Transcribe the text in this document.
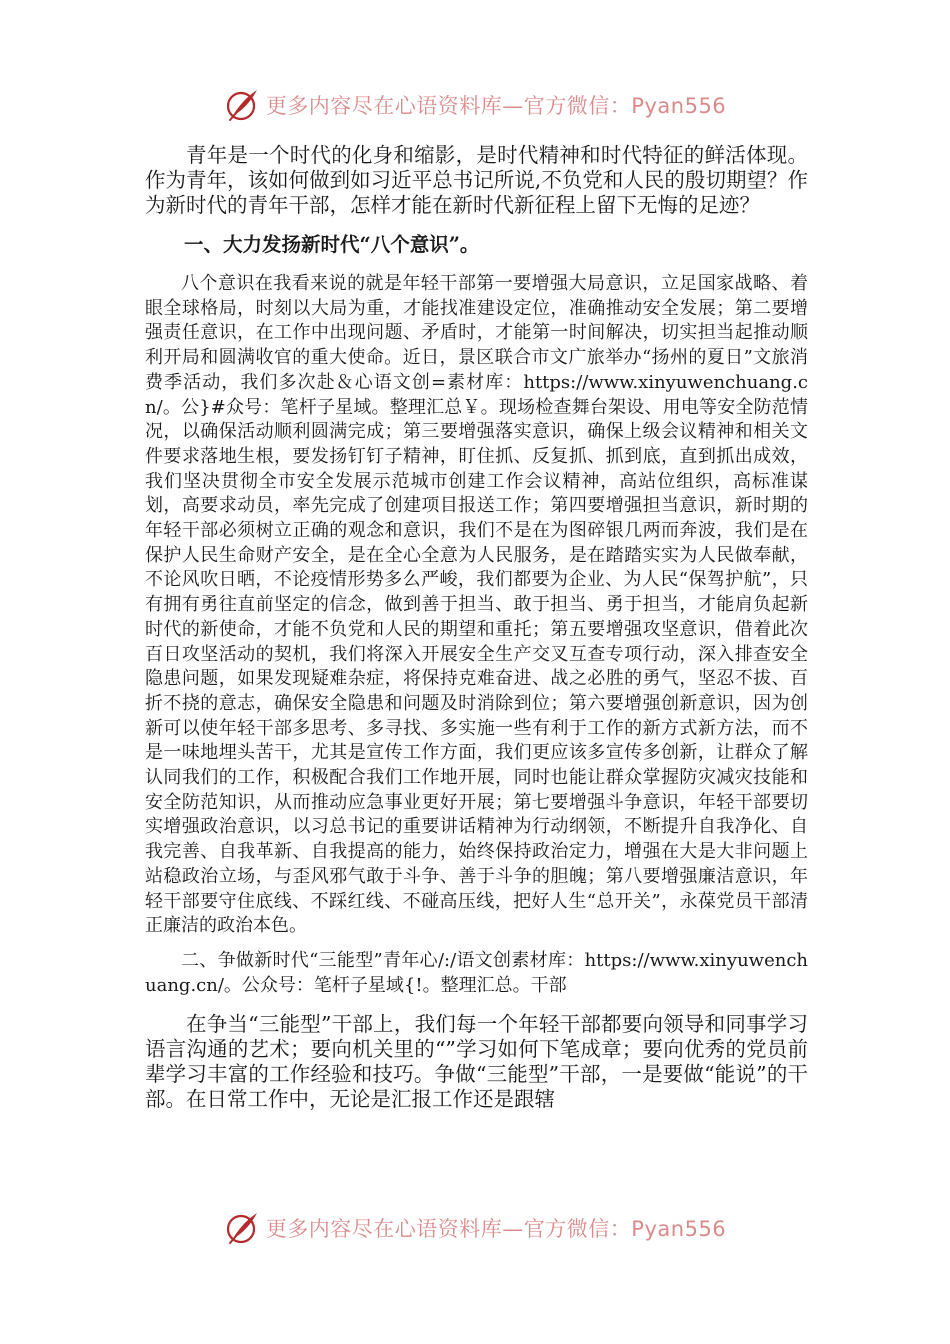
更多内容尽在心语资料库—官方微信：Pyan556

青年是一个时代的化身和缩影，是时代精神和时代特征的鲜活体现。作为青年，该如何做到如习近平总书记所说,不负党和人民的殷切期望？作为新时代的青年干部，怎样才能在新时代新征程上留下无悔的足迹？

一、大力发扬新时代“八个意识”。

八个意识在我看来说的就是年轻干部第一要增强大局意识，立足国家战略、着眼全球格局，时刻以大局为重，才能找准建设定位，准确推动安全发展；第二要增强责任意识，在工作中出现问题、矛盾时，才能第一时间解决，切实担当起推动顺利开局和圆满收官的重大使命。近日，景区联合市文广旅举办“扬州的夏日”文旅消费季活动，我们多次赴＆心语文创=素材库：https://www.xinyuwenchuang.cn/。公}#众号：笔杆子星域。整理汇总￥。现场检查舞台架设、用电等安全防范情况，以确保活动顺利圆满完成；第三要增强落实意识，确保上级会议精神和相关文件要求落地生根，要发扬钉钉子精神，盯住抓、反复抓、抓到底，直到抓出成效，我们坚决贯彻全市安全发展示范城市创建工作会议精神，高站位组织，高标准谋划，高要求动员，率先完成了创建项目报送工作；第四要增强担当意识，新时期的年轻干部必须树立正确的观念和意识，我们不是在为图碎银几两而奔波，我们是在保护人民生命财产安全，是在全心全意为人民服务，是在踏踏实实为人民做奉献，不论风吹日晒，不论疫情形势多么严峻，我们都要为企业、为人民“保驾护航”，只有拥有勇往直前坚定的信念，做到善于担当、敢于担当、勇于担当，才能肩负起新时代的新使命，才能不负党和人民的期望和重托；第五要增强攻坚意识，借着此次百日攻坚活动的契机，我们将深入开展安全生产交叉互查专项行动，深入排查安全隐患问题，如果发现疑难杂症，将保持克难奋进、战之必胜的勇气，坚忍不拔、百折不挠的意志，确保安全隐患和问题及时消除到位；第六要增强创新意识，因为创新可以使年轻干部多思考、多寻找、多实施一些有利于工作的新方式新方法，而不是一味地埋头苦干，尤其是宣传工作方面，我们更应该多宣传多创新，让群众了解认同我们的工作，积极配合我们工作地开展，同时也能让群众掌握防灾减灾技能和安全防范知识，从而推动应急事业更好开展；第七要增强斗争意识，年轻干部要切实增强政治意识，以习总书记的重要讲话精神为行动纲领，不断提升自我净化、自我完善、自我革新、自我提高的能力，始终保持政治定力，增强在大是大非问题上站稳政治立场，与歪风邪气敢于斗争、善于斗争的胆魄；第八要增强廉洁意识，年轻干部要守住底线、不踩红线、不碰高压线，把好人生“总开关”，永葆党员干部清正廉洁的政治本色。

二、争做新时代“三能型”青年心/:/语文创素材库：https://www.xinyuwenchuang.cn/。公众号：笔杆子星域{!。整理汇总。干部

在争当“三能型”干部上，我们每一个年轻干部都要向领导和同事学习语言沟通的艺术；要向机关里的“”学习如何下笔成章；要向优秀的党员前辈学习丰富的工作经验和技巧。争做“三能型”干部，一是要做“能说”的干部。在日常工作中，无论是汇报工作还是跟辖

更多内容尽在心语资料库—官方微信：Pyan556
